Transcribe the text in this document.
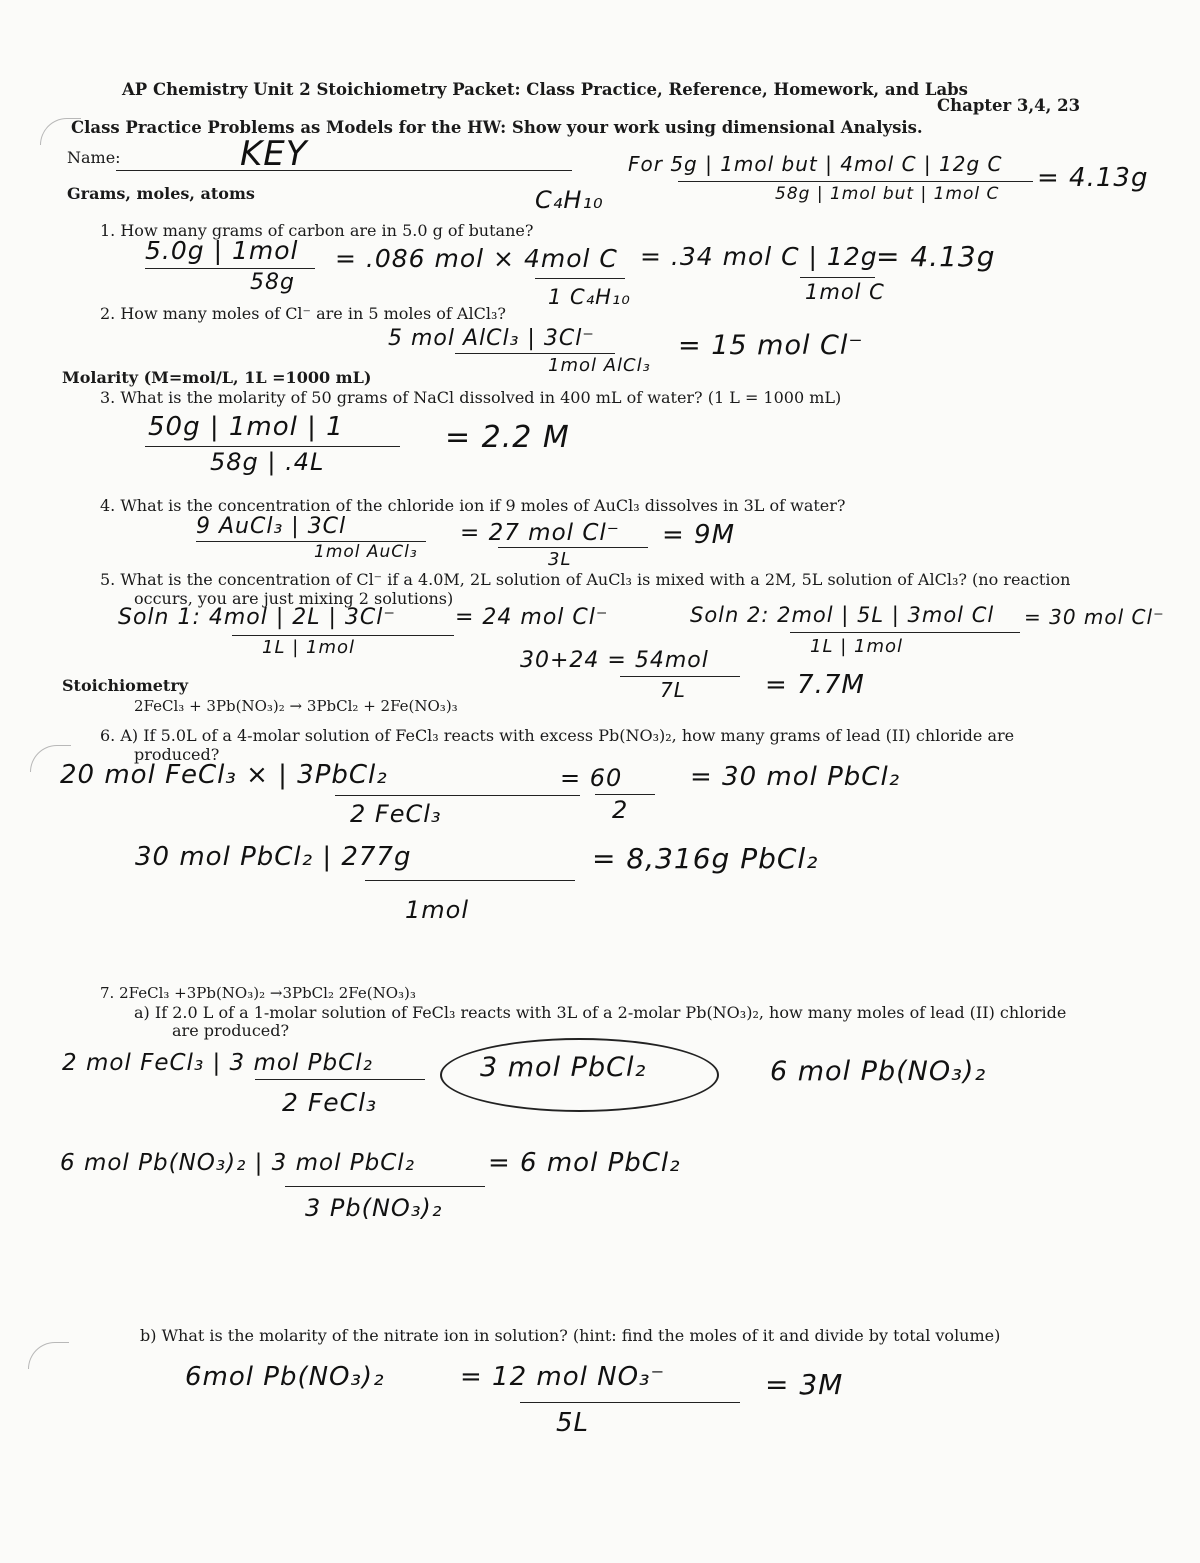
AP Chemistry Unit 2 Stoichiometry Packet: Class Practice, Reference, Homework, and Labs
Chapter 3,4, 23
Class Practice Problems as Models for the HW: Show your work using dimensional Analysis.
Name:	KEY
Grams, moles, atoms	C₄H₁₀
For 5g | 1mol but | 4mol C | 12g C
58g | 1mol but | 1mol C
= 4.13g
1. How many grams of carbon are in 5.0 g of butane?
5.0g | 1mol
58g
= .086 mol × 4mol C
1 C₄H₁₀
= .34 mol C | 12g
1mol C
= 4.13g
2. How many moles of Cl⁻ are in 5 moles of AlCl₃?
5 mol AlCl₃ | 3Cl⁻
1mol AlCl₃
= 15 mol Cl⁻
Molarity (M=mol/L, 1L =1000 mL)
3. What is the molarity of 50 grams of NaCl dissolved in 400 mL of water? (1 L = 1000 mL)
50g | 1mol | 1
58g | .4L
= 2.2 M
4. What is the concentration of the chloride ion if 9 moles of AuCl₃ dissolves in 3L of water?
9 AuCl₃ | 3Cl
1mol AuCl₃
= 27 mol Cl⁻
3L
= 9M
5. What is the concentration of Cl⁻ if a 4.0M, 2L solution of AuCl₃ is mixed with a 2M, 5L solution of AlCl₃? (no reaction
occurs, you are just mixing 2 solutions)
Soln 1: 4mol | 2L | 3Cl⁻
1L | 1mol
= 24 mol Cl⁻	Soln 2: 2mol | 5L | 3mol Cl
1L | 1mol
= 30 mol Cl⁻
30+24 = 54mol
7L	= 7.7M
Stoichiometry
2FeCl₃ + 3Pb(NO₃)₂ → 3PbCl₂ + 2Fe(NO₃)₃
6. A) If 5.0L of a 4-molar solution of FeCl₃ reacts with excess Pb(NO₃)₂, how many grams of lead (II) chloride are
produced?
20 mol FeCl₃ × | 3PbCl₂
2 FeCl₃
= 60
2
= 30 mol PbCl₂
30 mol PbCl₂ | 277g
1mol
= 8,316g PbCl₂
7. 2FeCl₃ +3Pb(NO₃)₂ →3PbCl₂ 2Fe(NO₃)₃
a) If 2.0 L of a 1-molar solution of FeCl₃ reacts with 3L of a 2-molar Pb(NO₃)₂, how many moles of lead (II) chloride
are produced?
2 mol FeCl₃ | 3 mol PbCl₂
2 FeCl₃
3 mol PbCl₂	6 mol Pb(NO₃)₂
6 mol Pb(NO₃)₂ | 3 mol PbCl₂
3 Pb(NO₃)₂
= 6 mol PbCl₂
b) What is the molarity of the nitrate ion in solution? (hint: find the moles of it and divide by total volume)
6mol Pb(NO₃)₂	= 12 mol NO₃⁻
5L
= 3M
